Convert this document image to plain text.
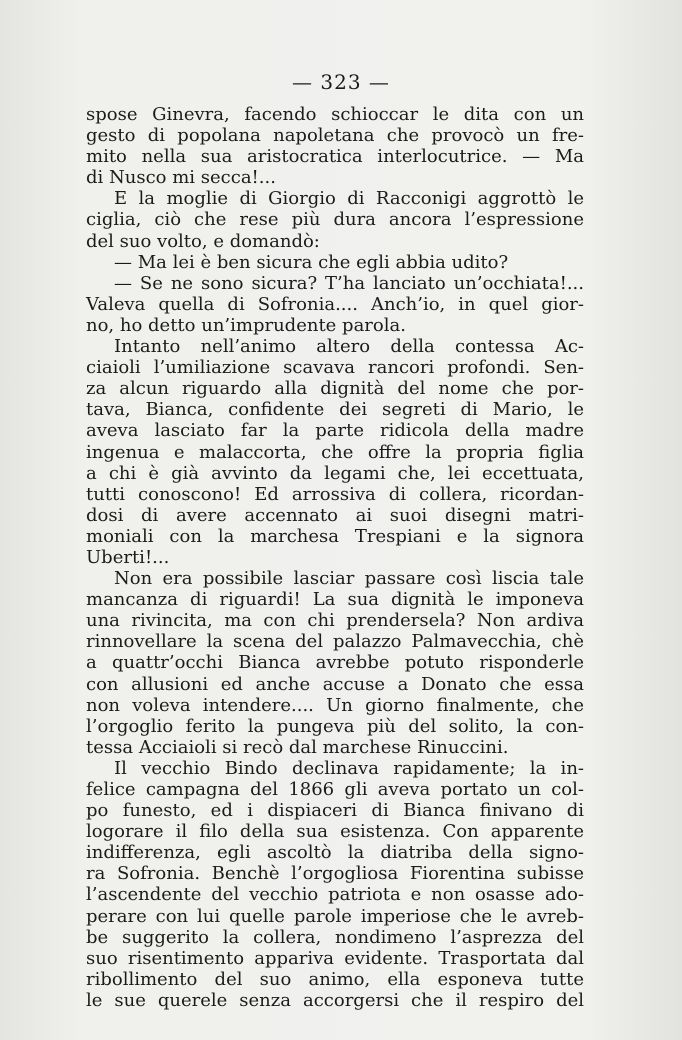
— 323 —
spose Ginevra, facendo schioccar le dita con un
gesto di popolana napoletana che provocò un fre-
mito nella sua aristocratica interlocutrice. — Ma
di Nusco mi secca!...
E la moglie di Giorgio di Racconigi aggrottò le
ciglia, ciò che rese più dura ancora l’espressione
del suo volto, e domandò:
— Ma lei è ben sicura che egli abbia udito?
— Se ne sono sicura? T’ha lanciato un’occhiata!...
Valeva quella di Sofronia.... Anch’io, in quel gior-
no, ho detto un’imprudente parola.
Intanto nell’animo altero della contessa Ac-
ciaioli l’umiliazione scavava rancori profondi. Sen-
za alcun riguardo alla dignità del nome che por-
tava, Bianca, confidente dei segreti di Mario, le
aveva lasciato far la parte ridicola della madre
ingenua e malaccorta, che offre la propria figlia
a chi è già avvinto da legami che, lei eccettuata,
tutti conoscono! Ed arrossiva di collera, ricordan-
dosi di avere accennato ai suoi disegni matri-
moniali con la marchesa Trespiani e la signora
Uberti!...
Non era possibile lasciar passare così liscia tale
mancanza di riguardi! La sua dignità le imponeva
una rivincita, ma con chi prendersela? Non ardiva
rinnovellare la scena del palazzo Palmavecchia, chè
a quattr’occhi Bianca avrebbe potuto risponderle
con allusioni ed anche accuse a Donato che essa
non voleva intendere.... Un giorno finalmente, che
l’orgoglio ferito la pungeva più del solito, la con-
tessa Acciaioli si recò dal marchese Rinuccini.
Il vecchio Bindo declinava rapidamente; la in-
felice campagna del 1866 gli aveva portato un col-
po funesto, ed i dispiaceri di Bianca finivano di
logorare il filo della sua esistenza. Con apparente
indifferenza, egli ascoltò la diatriba della signo-
ra Sofronia. Benchè l’orgogliosa Fiorentina subisse
l’ascendente del vecchio patriota e non osasse ado-
perare con lui quelle parole imperiose che le avreb-
be suggerito la collera, nondimeno l’asprezza del
suo risentimento appariva evidente. Trasportata dal
ribollimento del suo animo, ella esponeva tutte
le sue querele senza accorgersi che il respiro del
